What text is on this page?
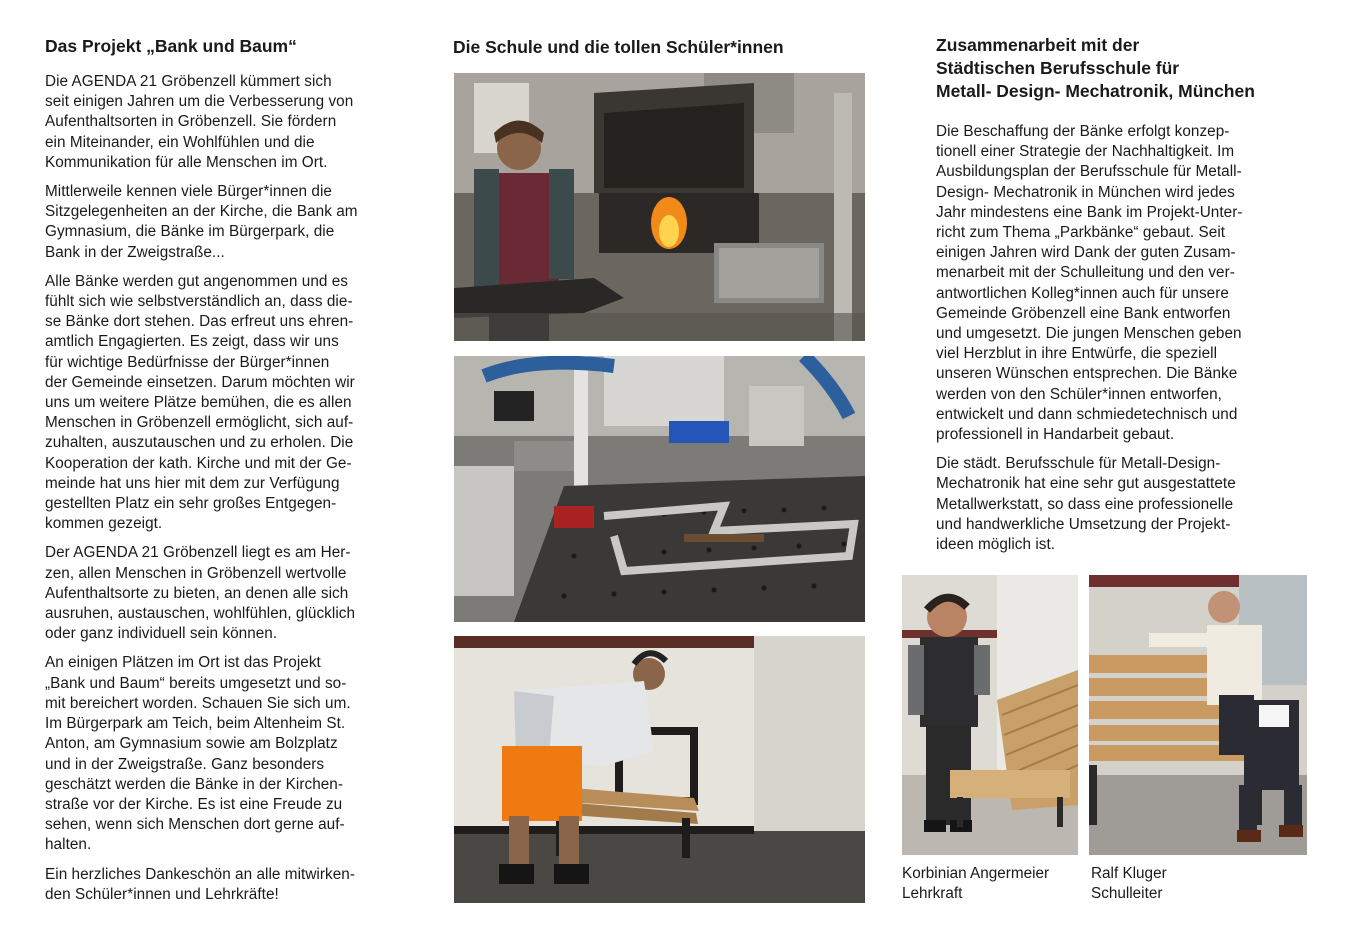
Das Projekt „Bank und Baum“
Die AGENDA 21 Gröbenzell kümmert sich
seit einigen Jahren um die Verbesserung von
Aufenthaltsorten in Gröbenzell. Sie fördern
ein Miteinander, ein Wohlfühlen und die
Kommunikation für alle Menschen im Ort.
Mittlerweile kennen viele Bürger*innen die
Sitzgelegenheiten an der Kirche, die Bank am
Gymnasium, die Bänke im Bürgerpark, die
Bank in der Zweigstraße...
Alle Bänke werden gut angenommen und es
fühlt sich wie selbstverständlich an, dass die-
se Bänke dort stehen. Das erfreut uns ehren-
amtlich Engagierten. Es zeigt, dass wir uns
für wichtige Bedürfnisse der Bürger*innen
der Gemeinde einsetzen. Darum möchten wir
uns um weitere Plätze bemühen, die es allen
Menschen in Gröbenzell ermöglicht, sich auf-
zuhalten, auszutauschen und zu erholen. Die
Kooperation der kath. Kirche und mit der Ge-
meinde hat uns hier mit dem zur Verfügung
gestellten Platz ein sehr großes Entgegen-
kommen gezeigt.
Der AGENDA 21 Gröbenzell liegt es am Her-
zen, allen Menschen in Gröbenzell wertvolle
Aufenthaltsorte zu bieten, an denen alle sich
ausruhen, austauschen, wohlfühlen, glücklich
oder ganz individuell sein können.
An einigen Plätzen im Ort ist das Projekt
„Bank und Baum“ bereits umgesetzt und so-
mit bereichert worden. Schauen Sie sich um.
Im Bürgerpark am Teich, beim Altenheim St.
Anton, am Gymnasium sowie am Bolzplatz
und in der Zweigstraße. Ganz besonders
geschätzt werden die Bänke in der Kirchen-
straße vor der Kirche. Es ist eine Freude zu
sehen, wenn sich Menschen dort gerne auf-
halten.
Ein herzliches Dankeschön an alle mitwirken-
den Schüler*innen und Lehrkräfte!
Die Schule und die tollen Schüler*innen	Zusammenarbeit mit der
Städtischen Berufsschule für
Metall- Design- Mechatronik, München
Die Beschaffung der Bänke erfolgt konzep-
tionell einer Strategie der Nachhaltigkeit. Im
Ausbildungsplan der Berufsschule für Metall-
Design- Mechatronik in München wird jedes
Jahr mindestens eine Bank im Projekt-Unter-
richt zum Thema „Parkbänke“ gebaut. Seit
einigen Jahren wird Dank der guten Zusam-
menarbeit mit der Schulleitung und den ver-
antwortlichen Kolleg*innen auch für unsere
Gemeinde Gröbenzell eine Bank entworfen
und umgesetzt. Die jungen Menschen geben
viel Herzblut in ihre Entwürfe, die speziell
unseren Wünschen entsprechen. Die Bänke
werden von den Schüler*innen entworfen,
entwickelt und dann schmiedetechnisch und
professionell in Handarbeit gebaut.
Die städt. Berufsschule für Metall-Design-
Mechatronik hat eine sehr gut ausgestattete
Metallwerkstatt, so dass eine professionelle
und handwerkliche Umsetzung der Projekt-
ideen möglich ist.
Korbinian Angermeier
Lehrkraft
Ralf Kluger
Schulleiter
